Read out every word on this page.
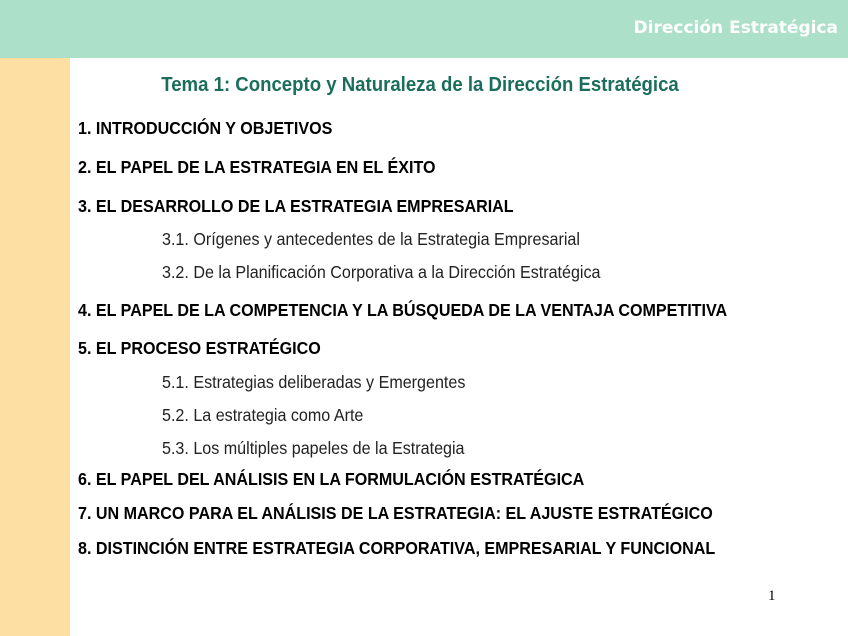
Dirección Estratégica
Tema 1: Concepto y Naturaleza de la Dirección Estratégica
1. INTRODUCCIÓN Y OBJETIVOS
2. EL PAPEL DE LA ESTRATEGIA EN EL ÉXITO
3. EL DESARROLLO DE LA ESTRATEGIA EMPRESARIAL
3.1. Orígenes y antecedentes de la Estrategia Empresarial
3.2. De la Planificación Corporativa a la Dirección Estratégica
4. EL PAPEL DE LA COMPETENCIA Y LA BÚSQUEDA DE LA VENTAJA COMPETITIVA
5. EL PROCESO ESTRATÉGICO
5.1. Estrategias deliberadas y Emergentes
5.2. La estrategia como Arte
5.3. Los múltiples papeles de la Estrategia
6. EL PAPEL DEL ANÁLISIS EN LA FORMULACIÓN ESTRATÉGICA
7. UN MARCO PARA EL ANÁLISIS DE LA ESTRATEGIA: EL AJUSTE ESTRATÉGICO
8. DISTINCIÓN ENTRE ESTRATEGIA CORPORATIVA, EMPRESARIAL Y FUNCIONAL
1
